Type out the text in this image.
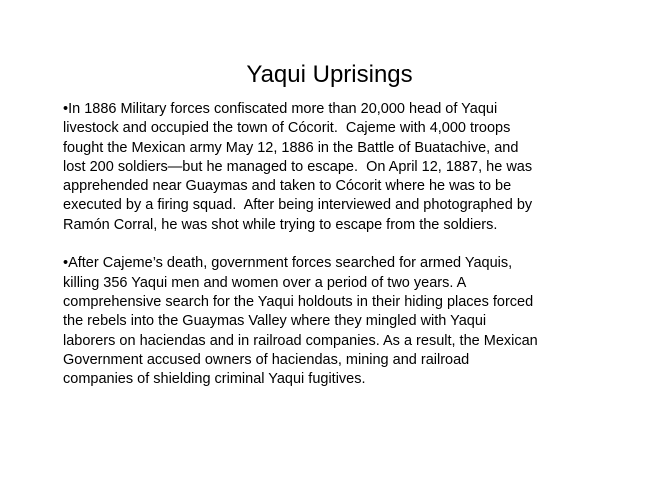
Yaqui Uprisings
•In 1886 Military forces confiscated more than 20,000 head of Yaqui
livestock and occupied the town of Cócorit.  Cajeme with 4,000 troops
fought the Mexican army May 12, 1886 in the Battle of Buatachive, and
lost 200 soldiers—but he managed to escape.  On April 12, 1887, he was
apprehended near Guaymas and taken to Cócorit where he was to be
executed by a firing squad.  After being interviewed and photographed by
Ramón Corral, he was shot while trying to escape from the soldiers.
•After Cajeme’s death, government forces searched for armed Yaquis,
killing 356 Yaqui men and women over a period of two years. A
comprehensive search for the Yaqui holdouts in their hiding places forced
the rebels into the Guaymas Valley where they mingled with Yaqui
laborers on haciendas and in railroad companies. As a result, the Mexican
Government accused owners of haciendas, mining and railroad
companies of shielding criminal Yaqui fugitives.
